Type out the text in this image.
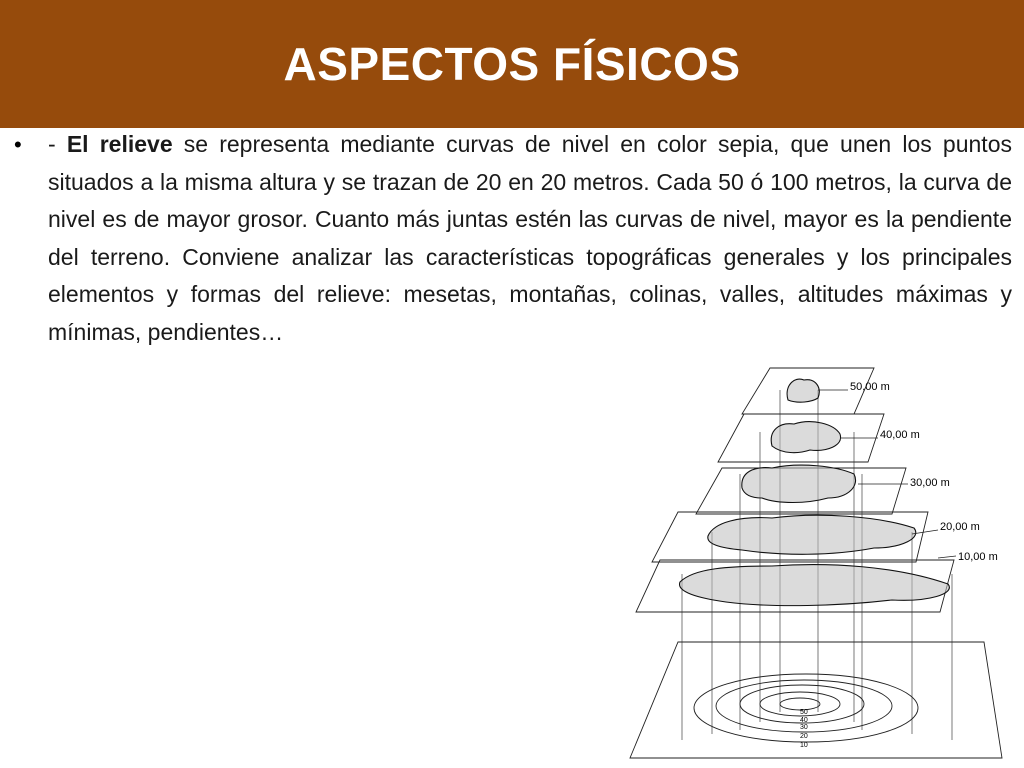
ASPECTOS FÍSICOS
• - El relieve se representa mediante curvas de nivel en color sepia, que unen los puntos situados a la misma altura y se trazan de 20 en 20 metros. Cada 50 ó 100 metros, la curva de nivel es de mayor grosor. Cuanto más juntas estén las curvas de nivel, mayor es la pendiente del terreno. Conviene analizar las características topográficas generales y los principales elementos y formas del relieve: mesetas, montañas, colinas, valles, altitudes máximas y mínimas, pendientes…

50,00 m
40,00 m
30,00 m
20,00 m
10,00 m
50
40
30
20
10
